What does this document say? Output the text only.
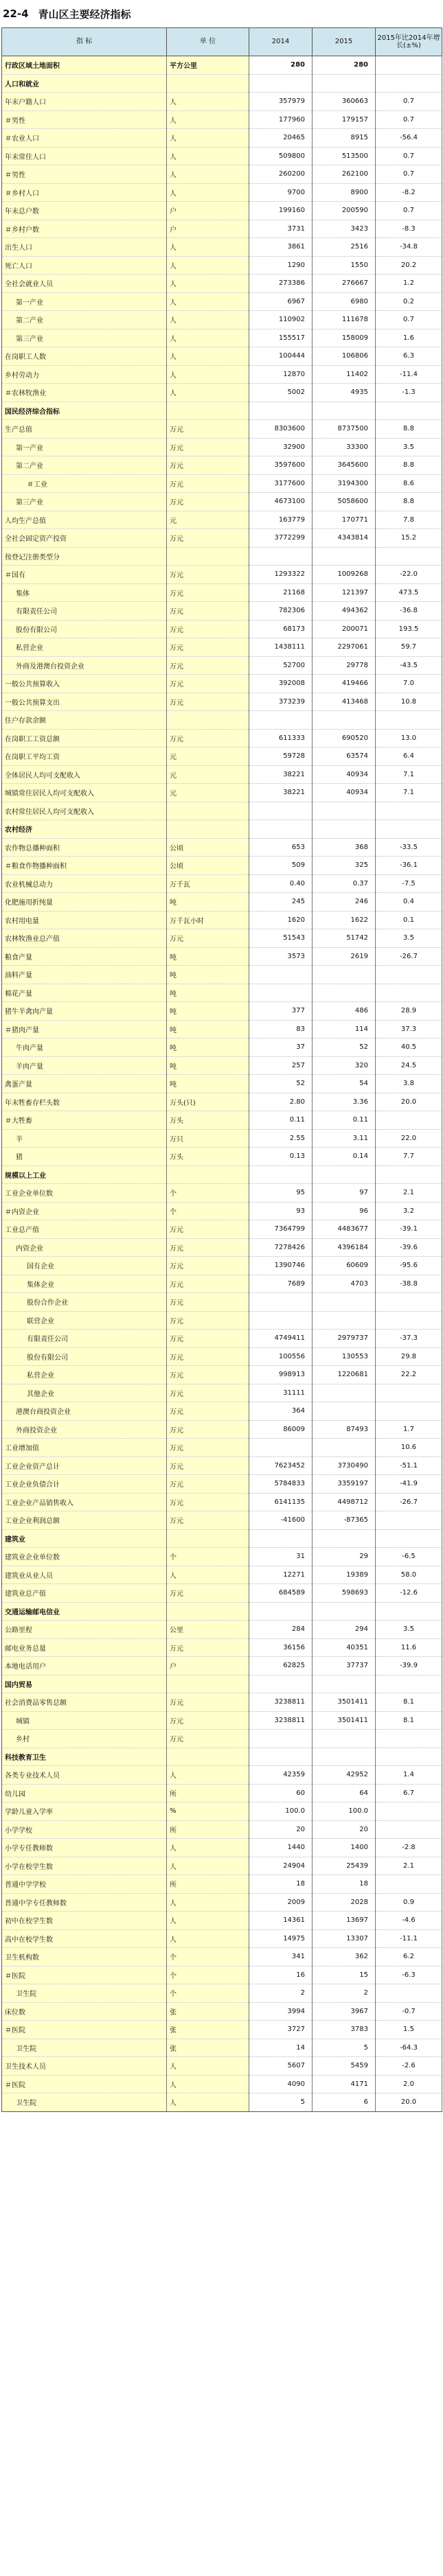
22-4 青山区主要经济指标
指 标	单 位	2014	2015	2015年比2014年增长(±%)
行政区域土地面积	平方公里	280	280	
人口和就业				
年末户籍人口	人	357979	360663	0.7
＃男性	人	177960	179157	0.7
＃农业人口	人	20465	8915	-56.4
年末常住人口	人	509800	513500	0.7
＃男性	人	260200	262100	0.7
＃乡村人口	人	9700	8900	-8.2
年末总户数	户	199160	200590	0.7
＃乡村户数	户	3731	3423	-8.3
出生人口	人	3861	2516	-34.8
死亡人口	人	1290	1550	20.2
全社会就业人员	人	273386	276667	1.2
第一产业	人	6967	6980	0.2
第二产业	人	110902	111678	0.7
第三产业	人	155517	158009	1.6
在岗职工人数	人	100444	106806	6.3
乡村劳动力	人	12870	11402	-11.4
＃农林牧渔业	人	5002	4935	-1.3
国民经济综合指标				
生产总值	万元	8303600	8737500	8.8
第一产业	万元	32900	33300	3.5
第二产业	万元	3597600	3645600	8.8
＃工业	万元	3177600	3194300	8.6
第三产业	万元	4673100	5058600	8.8
人均生产总值	元	163779	170771	7.8
全社会固定资产投资	万元	3772299	4343814	15.2
按登记注册类型分				
＃国有	万元	1293322	1009268	-22.0
集体	万元	21168	121397	473.5
有限责任公司	万元	782306	494362	-36.8
股份有限公司	万元	68173	200071	193.5
私营企业	万元	1438111	2297061	59.7
外商及港澳台投资企业	万元	52700	29778	-43.5
一般公共预算收入	万元	392008	419466	7.0
一般公共预算支出	万元	373239	413468	10.8
住户存款余额				
在岗职工工资总额	万元	611333	690520	13.0
在岗职工平均工资	元	59728	63574	6.4
全体居民人均可支配收入	元	38221	40934	7.1
城镇常住居民人均可支配收入	元	38221	40934	7.1
农村常住居民人均可支配收入				
农村经济				
农作物总播种面积	公顷	653	368	-33.5
＃粮食作物播种面积	公顷	509	325	-36.1
农业机械总动力	万千瓦	0.40	0.37	-7.5
化肥施用折纯量	吨	245	246	0.4
农村用电量	万千瓦小时	1620	1622	0.1
农林牧渔业总产值	万元	51543	51742	3.5
粮食产量	吨	3573	2619	-26.7
油料产量	吨			
棉花产量	吨			
猪牛羊禽肉产量	吨	377	486	28.9
＃猪肉产量	吨	83	114	37.3
牛肉产量	吨	37	52	40.5
羊肉产量	吨	257	320	24.5
禽蛋产量	吨	52	54	3.8
年末牲畜存栏头数	万头(只)	2.80	3.36	20.0
＃大牲畜	万头	0.11	0.11	
羊	万只	2.55	3.11	22.0
猪	万头	0.13	0.14	7.7
规模以上工业				
工业企业单位数	个	95	97	2.1
＃内资企业	个	93	96	3.2
工业总产值	万元	7364799	4483677	-39.1
内资企业	万元	7278426	4396184	-39.6
国有企业	万元	1390746	60609	-95.6
集体企业	万元	7689	4703	-38.8
股份合作企业	万元			
联营企业	万元			
有限责任公司	万元	4749411	2979737	-37.3
股份有限公司	万元	100556	130553	29.8
私营企业	万元	998913	1220681	22.2
其他企业	万元	31111		
港澳台商投资企业	万元	364		
外商投资企业	万元	86009	87493	1.7
工业增加值	万元			10.6
工业企业资产总计	万元	7623452	3730490	-51.1
工业企业负债合计	万元	5784833	3359197	-41.9
工业企业产品销售收入	万元	6141135	4498712	-26.7
工业企业利润总额	万元	-41600	-87365	
建筑业				
建筑业企业单位数	个	31	29	-6.5
建筑业从业人员	人	12271	19389	58.0
建筑业总产值	万元	684589	598693	-12.6
交通运输邮电信业				
公路里程	公里	284	294	3.5
邮电业务总量	万元	36156	40351	11.6
本地电话用户	户	62825	37737	-39.9
国内贸易				
社会消费品零售总额	万元	3238811	3501411	8.1
城镇	万元	3238811	3501411	8.1
乡村	万元			
科技教育卫生				
各类专业技术人员	人	42359	42952	1.4
幼儿园	所	60	64	6.7
学龄儿童入学率	%	100.0	100.0	
小学学校	所	20	20	
小学专任教师数	人	1440	1400	-2.8
小学在校学生数	人	24904	25439	2.1
普通中学学校	所	18	18	
普通中学专任教师数	人	2009	2028	0.9
初中在校学生数	人	14361	13697	-4.6
高中在校学生数	人	14975	13307	-11.1
卫生机构数	个	341	362	6.2
＃医院	个	16	15	-6.3
卫生院	个	2	2	
床位数	张	3994	3967	-0.7
＃医院	张	3727	3783	1.5
卫生院	张	14	5	-64.3
卫生技术人员	人	5607	5459	-2.6
＃医院	人	4090	4171	2.0
卫生院	人	5	6	20.0
